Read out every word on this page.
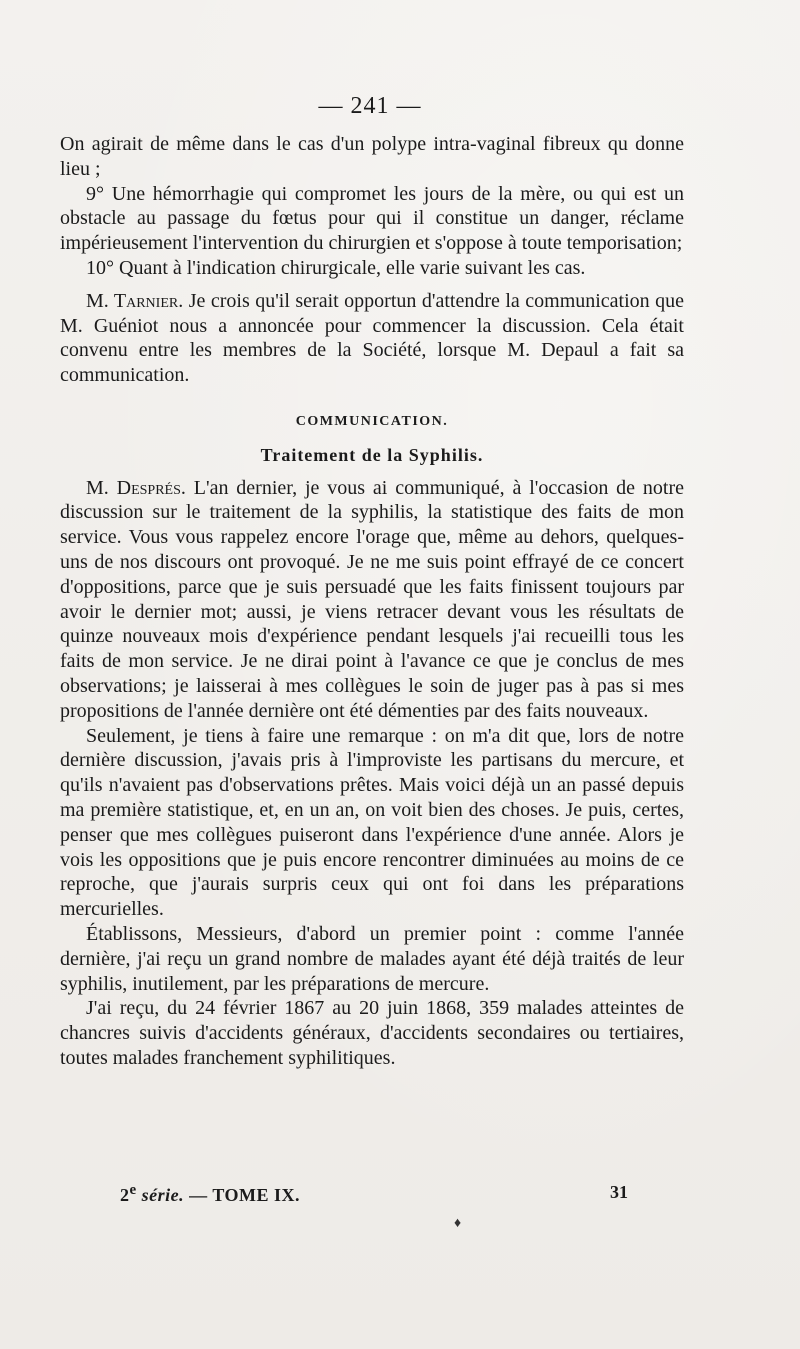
— 241 —

On agirait de même dans le cas d'un polype intra-vaginal fibreux qu donne lieu ;

9° Une hémorrhagie qui compromet les jours de la mère, ou qui est un obstacle au passage du fœtus pour qui il constitue un danger, réclame impérieusement l'intervention du chirurgien et s'oppose à toute temporisation;

10° Quant à l'indication chirurgicale, elle varie suivant les cas.

M. Tarnier. Je crois qu'il serait opportun d'attendre la communication que M. Guéniot nous a annoncée pour commencer la discussion. Cela était convenu entre les membres de la Société, lorsque M. Depaul a fait sa communication.

COMMUNICATION.

Traitement de la Syphilis.

M. Després. L'an dernier, je vous ai communiqué, à l'occasion de notre discussion sur le traitement de la syphilis, la statistique des faits de mon service. Vous vous rappelez encore l'orage que, même au dehors, quelques-uns de nos discours ont provoqué. Je ne me suis point effrayé de ce concert d'oppositions, parce que je suis persuadé que les faits finissent toujours par avoir le dernier mot; aussi, je viens retracer devant vous les résultats de quinze nouveaux mois d'expérience pendant lesquels j'ai recueilli tous les faits de mon service. Je ne dirai point à l'avance ce que je conclus de mes observations; je laisserai à mes collègues le soin de juger pas à pas si mes propositions de l'année dernière ont été démenties par des faits nouveaux.

Seulement, je tiens à faire une remarque : on m'a dit que, lors de notre dernière discussion, j'avais pris à l'improviste les partisans du mercure, et qu'ils n'avaient pas d'observations prêtes. Mais voici déjà un an passé depuis ma première statistique, et, en un an, on voit bien des choses. Je puis, certes, penser que mes collègues puiseront dans l'expérience d'une année. Alors je vois les oppositions que je puis encore rencontrer diminuées au moins de ce reproche, que j'aurais surpris ceux qui ont foi dans les préparations mercurielles.

Établissons, Messieurs, d'abord un premier point : comme l'année dernière, j'ai reçu un grand nombre de malades ayant été déjà traités de leur syphilis, inutilement, par les préparations de mercure.

J'ai reçu, du 24 février 1867 au 20 juin 1868, 359 malades atteintes de chancres suivis d'accidents généraux, d'accidents secondaires ou tertiaires, toutes malades franchement syphilitiques.

2e série. — TOME IX.	31
♦
